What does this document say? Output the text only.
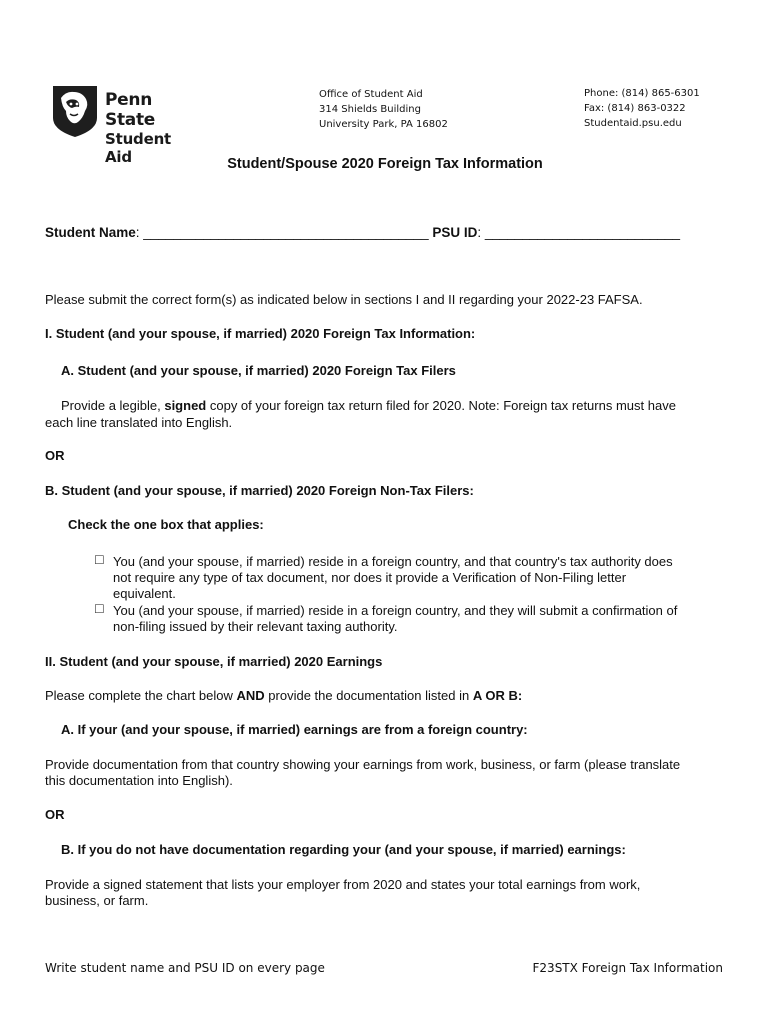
Penn State
Student Aid
Office of Student Aid
314 Shields Building
University Park, PA 16802
Phone: (814) 865-6301
Fax: (814) 863-0322
Studentaid.psu.edu
Student/Spouse 2020 Foreign Tax Information
Student Name: ______________________________________ PSU ID: __________________________
Please submit the correct form(s) as indicated below in sections I and II regarding your 2022-23 FAFSA.
I. Student (and your spouse, if married) 2020 Foreign Tax Information:
A. Student (and your spouse, if married) 2020 Foreign Tax Filers
Provide a legible, signed copy of your foreign tax return filed for 2020. Note: Foreign tax returns must have
each line translated into English.
OR
B. Student (and your spouse, if married) 2020 Foreign Non-Tax Filers:
Check the one box that applies:
☐ You (and your spouse, if married) reside in a foreign country, and that country's tax authority does
not require any type of tax document, nor does it provide a Verification of Non-Filing letter
equivalent.
☐ You (and your spouse, if married) reside in a foreign country, and they will submit a confirmation of
non-filing issued by their relevant taxing authority.
II. Student (and your spouse, if married) 2020 Earnings
Please complete the chart below AND provide the documentation listed in A OR B:
A. If your (and your spouse, if married) earnings are from a foreign country:
Provide documentation from that country showing your earnings from work, business, or farm (please translate
this documentation into English).
OR
B. If you do not have documentation regarding your (and your spouse, if married) earnings:
Provide a signed statement that lists your employer from 2020 and states your total earnings from work,
business, or farm.
Write student name and PSU ID on every page	F23STX Foreign Tax Information
